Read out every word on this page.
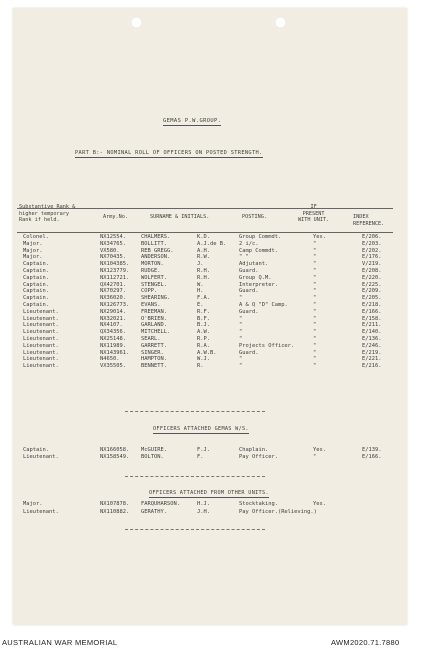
GEMAS P.W.GROUP.
PART B:- NOMINAL ROLL OF OFFICERS ON POSTED STRENGTH.
Substantive Rank &
higher temporary
Rank if held.	Army.No.	SURNAME & INITIALS.	POSTING.
IF
PRESENT
WITH UNIT.	INDEX
REFERENCE.
Colonel.	NX12554.	CHALMERS.	K.D.	Group Commdt.	Yes.	E/206.
Major.	NX34765.	BOLLITT.	A.J.de B. 2 i/c.	"	E/203.
Major.	VX580.	REB GREGG.	A.H.	Camp Commdt.	"	E/202.
Major.	NX70435.	ANDERSON.	R.W.	" "	"	E/176.
Captain.	NX104385. MORTON.	J.	Adjutant.	"	V/219.
Captain.	NX123779. RUDGE.	R.H.	Guard.	"	E/208.
Captain.	NX112721. WOLFERT.	R.H.	Group Q.M.	"	E/220.
Captain.	QX42701.	STENGEL.	W.	Interpreter.	"	E/225.
Captain.	NX70297.	COPP.	H.	Guard.	"	E/209.
Captain.	NX36020.	SHEARING.	F.A.	"	"	E/205.
Captain.	NX126773. EVANS.	E.	A & Q "D" Camp.	"	E/218.
Lieutenant.	NX29014.	FREEMAN.	R.F.	Guard.	"	E/166.
Lieutenant.	NX32021.	O'BRIEN.	B.F.	"	"	E/158.
Lieutenant.	NX4107.	GARLAND.	B.J.	"	"	E/211.
Lieutenant.	QX34356.	MITCHELL.	A.W.	"	"	E/140.
Lieutenant.	NX25148.	SEARL.	R.P.	"	"	E/136.
Lieutenant.	NX11989.	GARRETT.	R.A.	Projects Officer.	"	E/246.
Lieutenant.	NX143961. SINGER.	A.W.B.	Guard.	"	E/219.
Lieutenant.	N4650.	HAMPTON.	W.J.	"	"	E/221.
Lieutenant.	VX35505.	BENNETT.	R.	"	"	E/216.
OFFICERS ATTACHED GEMAS W/S.
Captain.	NX166058. McGUIRE.	F.J.	Chaplain.	Yes.	E/139.
Lieutenant.	NX158549. BOLTON.	F.	Pay Officer.	"	E/166.
OFFICERS ATTACHED FROM OTHER UNITS.
Major.	NX107878. FARQUHARSON.	H.J.	Stocktaking.	Yes.
Lieutenant.	NX110882. GERATHY.	J.H.	Pay Officer.(Relieving.)
AUSTRALIAN WAR MEMORIAL	AWM2020.71.7880
